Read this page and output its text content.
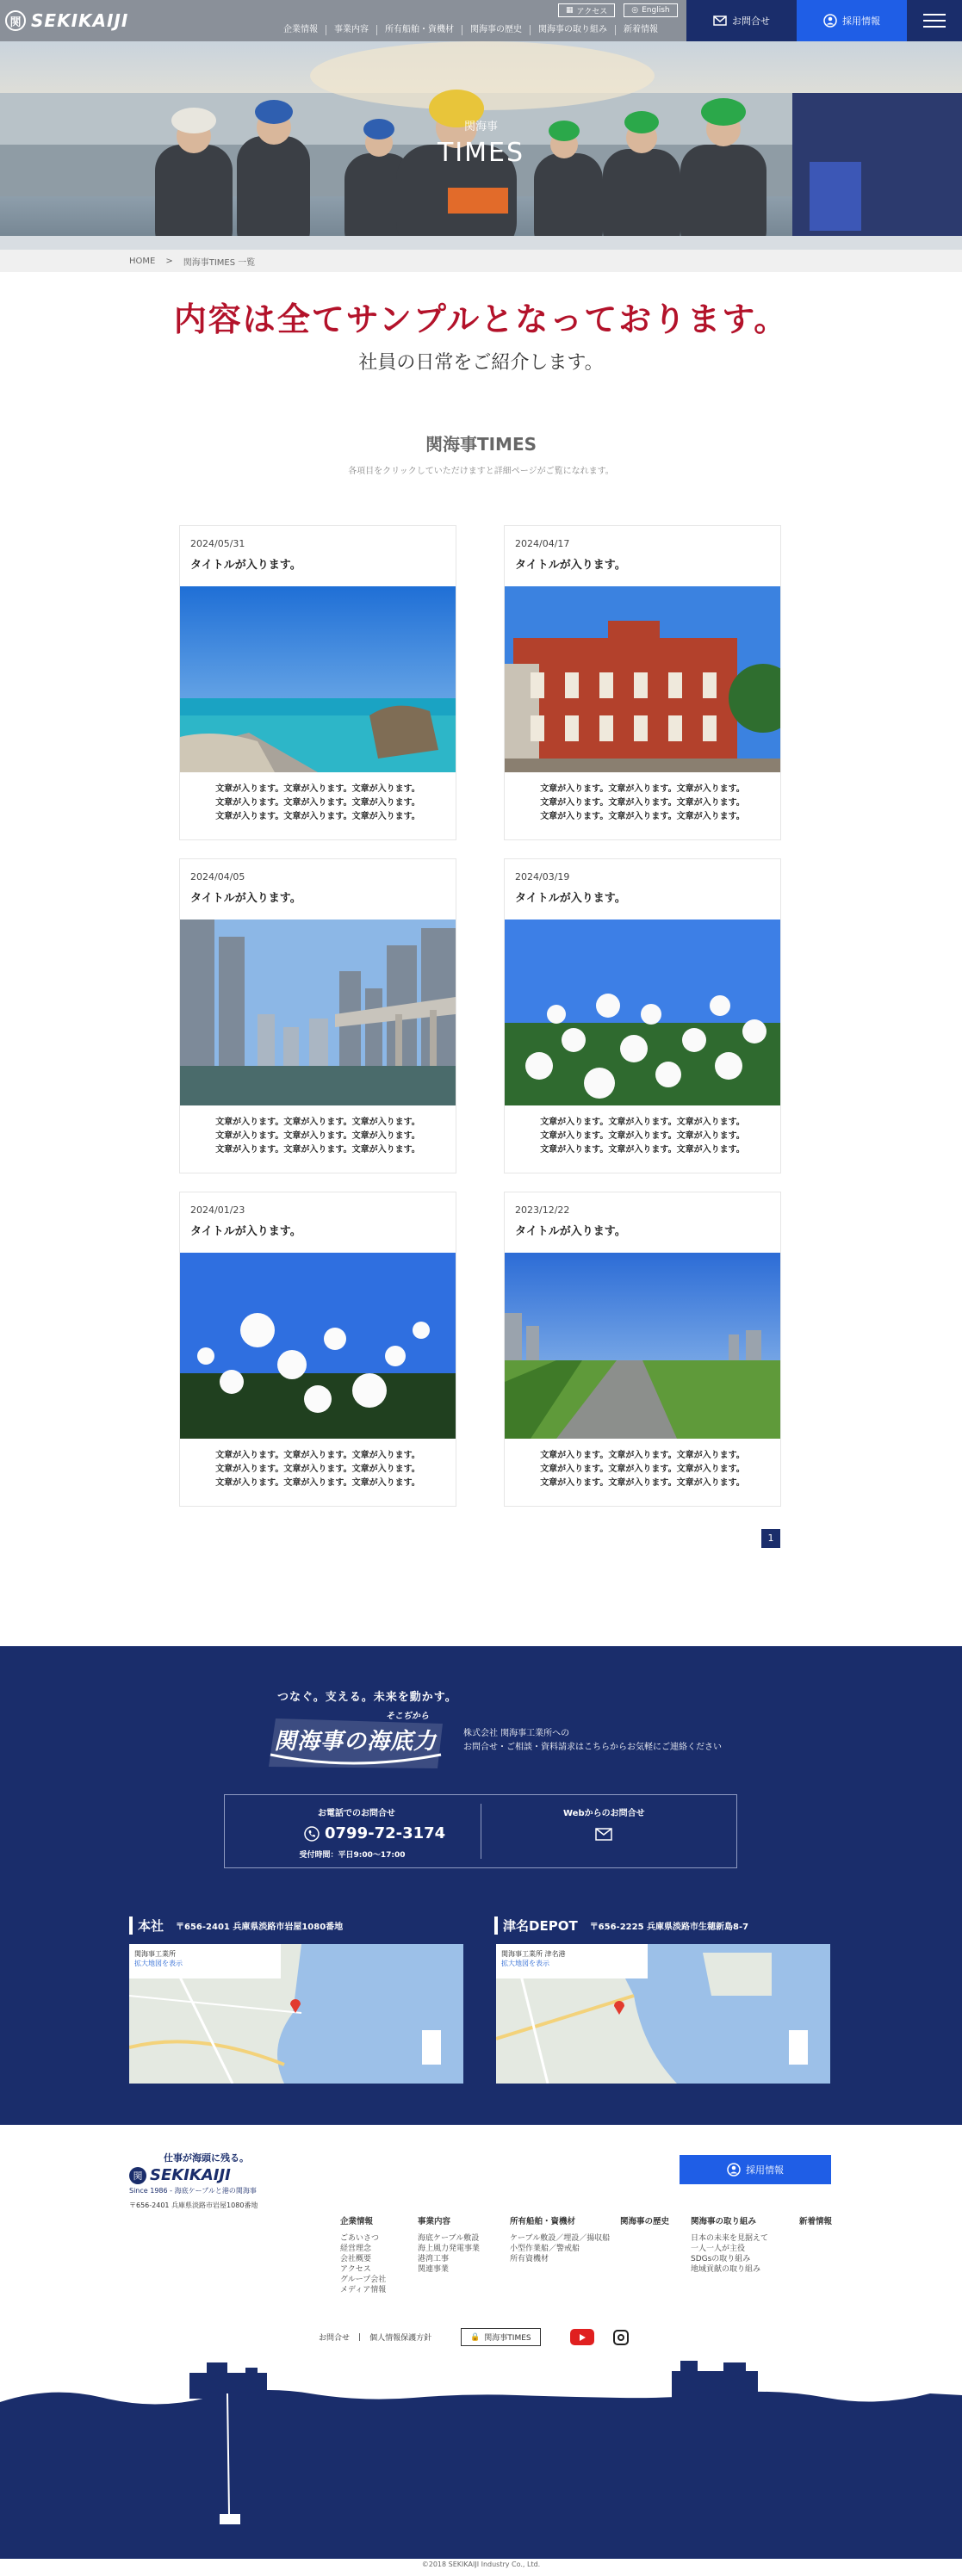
関 SEKIKAIJI	▦ アクセス	◎ English
企業情報	事業内容	所有船舶・資機材	関海事の歴史	関海事の取り組み	新着情報
お問合せ	採用情報
関海事
TIMES
HOME > 関海事TIMES 一覧
内容は全てサンプルとなっております。
社員の日常をご紹介します。
関海事TIMES
各項目をクリックしていただけますと詳細ページがご覧になれます。
2024/05/31
タイトルが入ります。
文章が入ります。文章が入ります。文章が入ります。
文章が入ります。文章が入ります。文章が入ります。
文章が入ります。文章が入ります。文章が入ります。
2024/04/17
タイトルが入ります。
文章が入ります。文章が入ります。文章が入ります。
文章が入ります。文章が入ります。文章が入ります。
文章が入ります。文章が入ります。文章が入ります。
2024/04/05
タイトルが入ります。
文章が入ります。文章が入ります。文章が入ります。
文章が入ります。文章が入ります。文章が入ります。
文章が入ります。文章が入ります。文章が入ります。
2024/03/19
タイトルが入ります。
文章が入ります。文章が入ります。文章が入ります。
文章が入ります。文章が入ります。文章が入ります。
文章が入ります。文章が入ります。文章が入ります。
2024/01/23
タイトルが入ります。
文章が入ります。文章が入ります。文章が入ります。
文章が入ります。文章が入ります。文章が入ります。
文章が入ります。文章が入ります。文章が入ります。
2023/12/22
タイトルが入ります。
文章が入ります。文章が入ります。文章が入ります。
文章が入ります。文章が入ります。文章が入ります。
文章が入ります。文章が入ります。文章が入ります。
1
つなぐ。支える。未来を動かす。
そこぢから
関海事の海底力	株式会社 関海事工業所への
お問合せ・ご相談・資料請求はこちらからお気軽にご連絡ください
お電話でのお問合せ
0799-72-3174
受付時間：平日9:00〜17:00
Webからのお問合せ
本社 〒656-2401 兵庫県淡路市岩屋1080番地
関海事工業所
拡大地図を表示
津名DEPOT 〒656-2225 兵庫県淡路市生穂新島8-7
関海事工業所 津名港
拡大地図を表示
仕事が海頭に残る。
関 SEKIKAIJI
Since 1986 - 海底ケーブルと港の関海事
〒656-2401 兵庫県淡路市岩屋1080番地
採用情報
企業情報
ごあいさつ
経営理念
会社概要
アクセス
グループ会社
メディア情報
事業内容
海底ケーブル敷設
海上風力発電事業
港湾工事
関連事業
所有船舶・資機材
ケーブル敷設／埋設／揚収船
小型作業船／警戒船
所有資機材
関海事の歴史	関海事の取り組み
日本の未来を見据えて
一人一人が主役
SDGsの取り組み
地域貢献の取り組み
新着情報
お問合せ | 個人情報保護方針	🔒 関海事TIMES
©2018 SEKIKAIJI Industry Co., Ltd.
